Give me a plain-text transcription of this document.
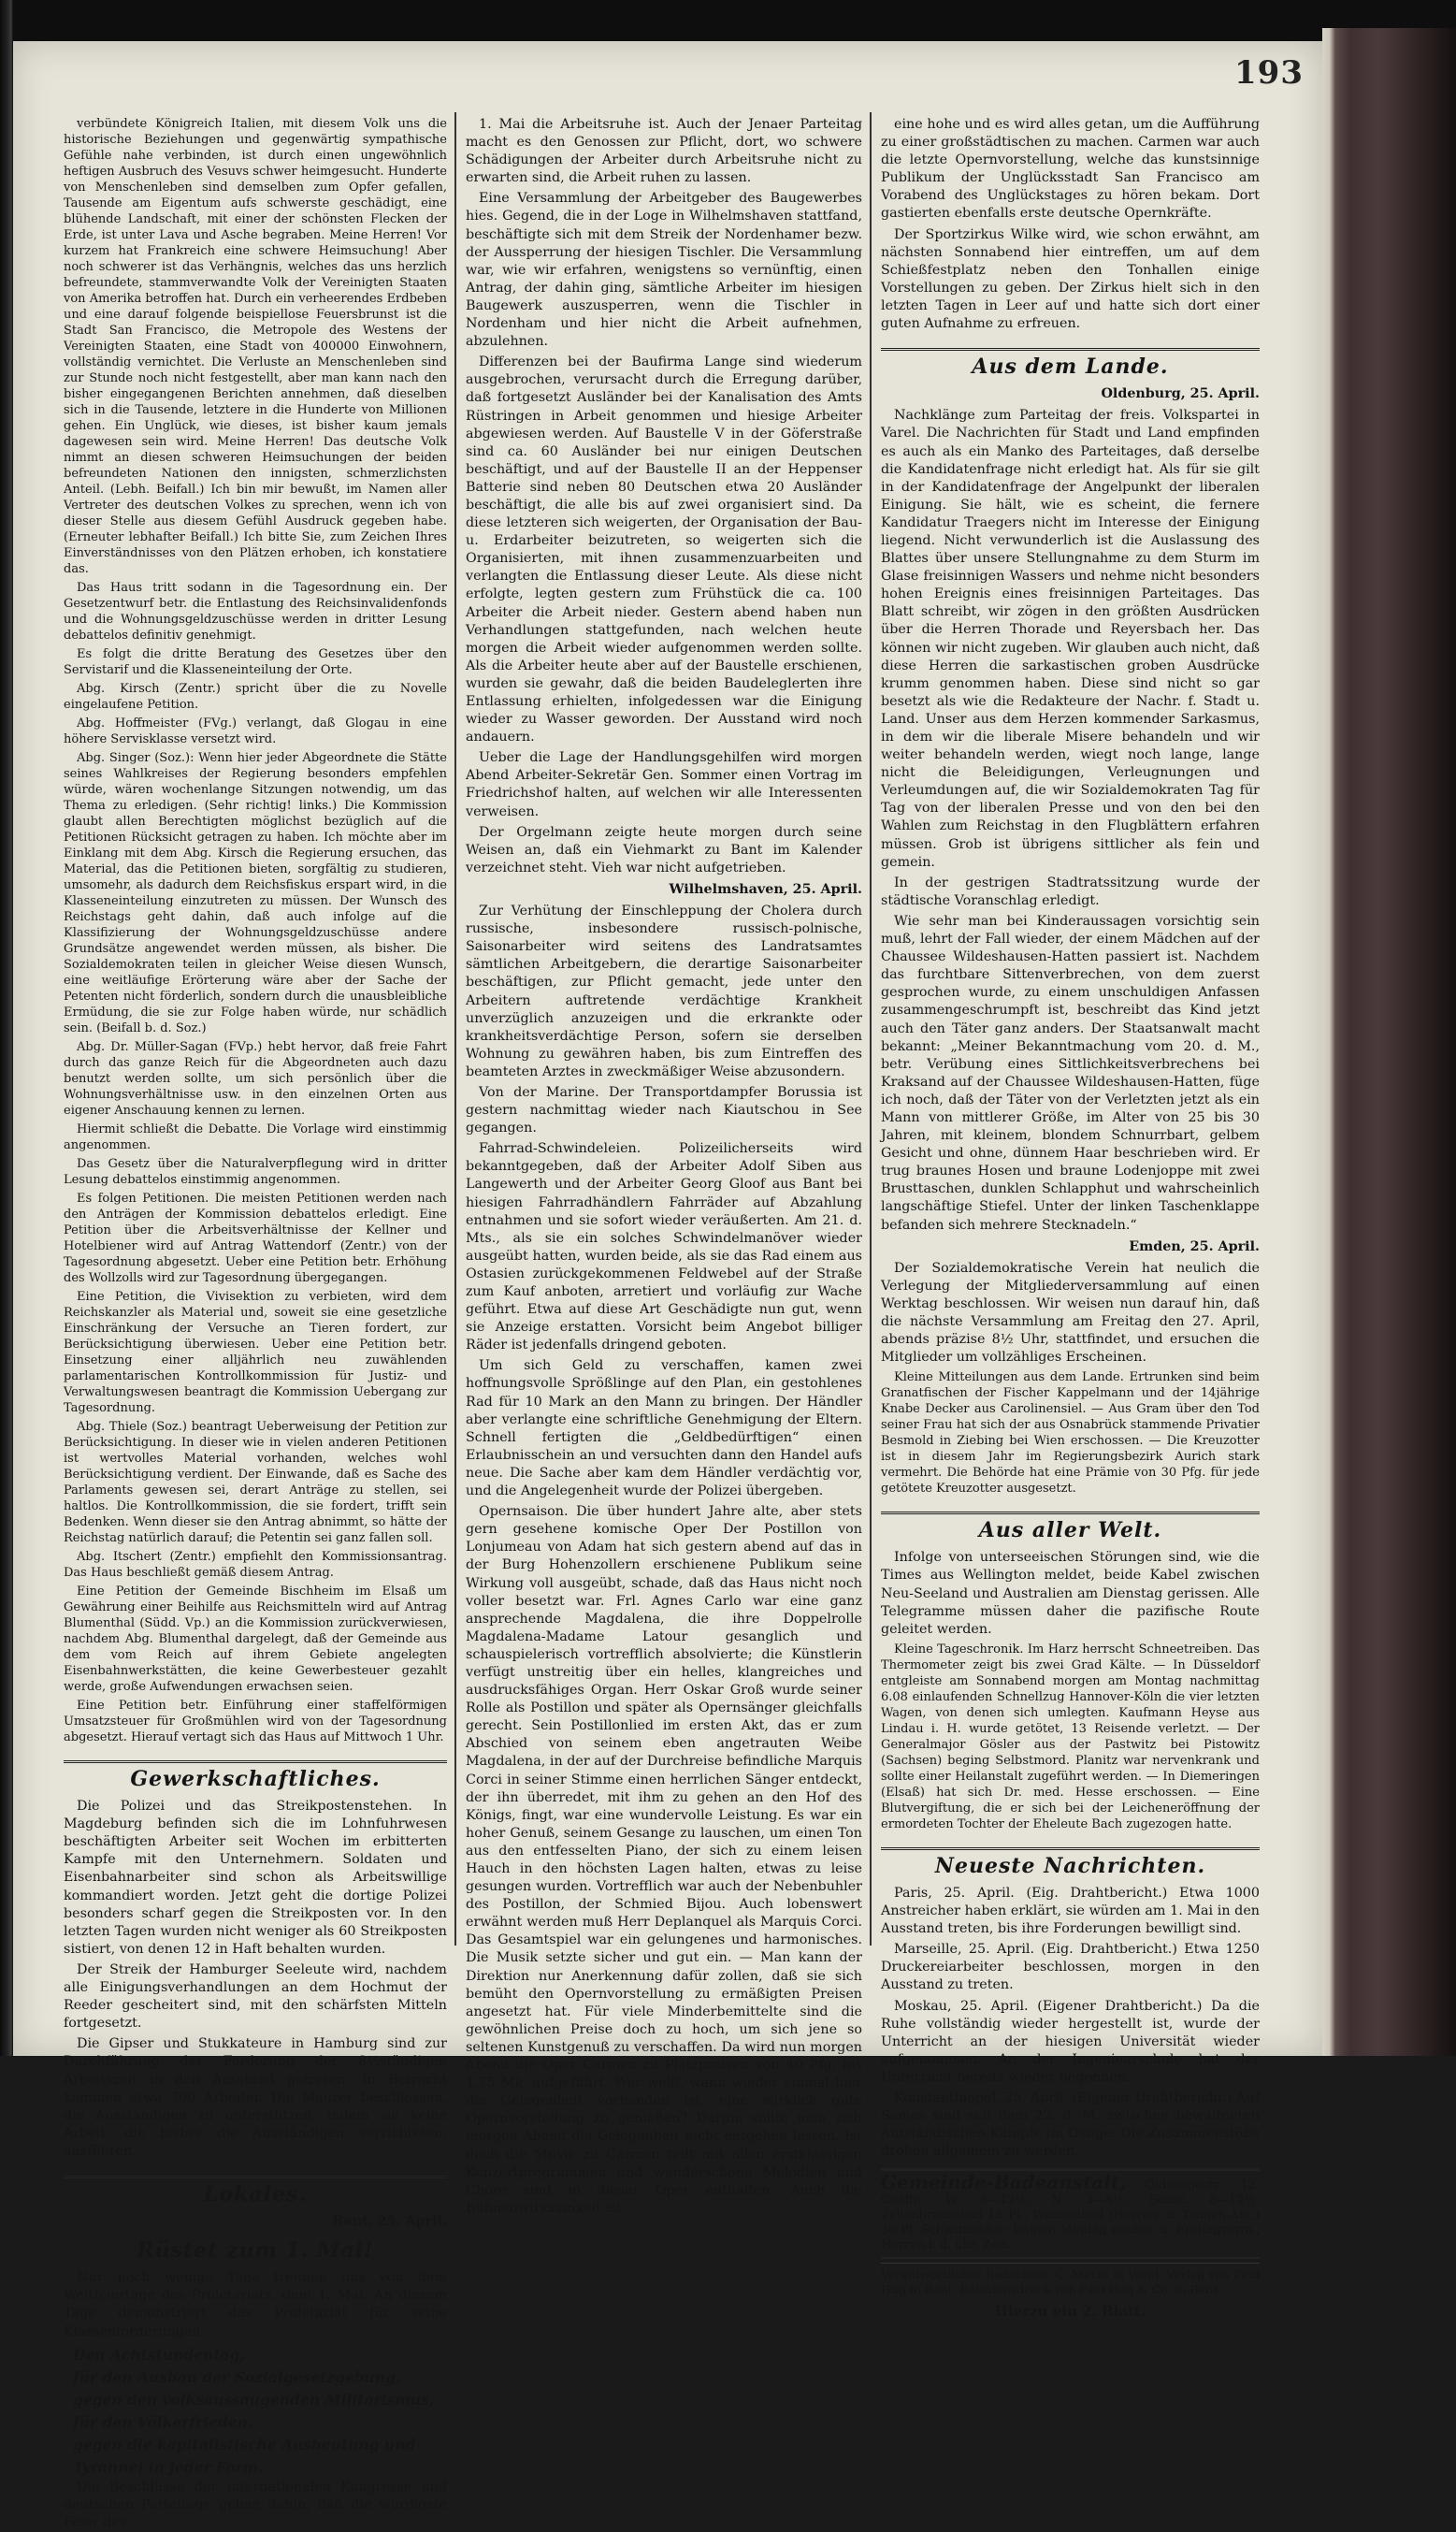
193

verbündete Königreich Italien, mit diesem Volk uns die historische Beziehungen und gegenwärtig sympathische Gefühle nahe verbinden, ist durch einen ungewöhnlich heftigen Ausbruch des Vesuvs schwer heimgesucht. Hunderte von Menschenleben sind demselben zum Opfer gefallen, Tausende am Eigentum aufs schwerste geschädigt, eine blühende Landschaft, mit einer der schönsten Flecken der Erde, ist unter Lava und Asche begraben. Meine Herren! Vor kurzem hat Frankreich eine schwere Heimsuchung! Aber noch schwerer ist das Verhängnis, welches das uns herzlich befreundete, stammverwandte Volk der Vereinigten Staaten von Amerika betroffen hat. Durch ein verheerendes Erdbeben und eine darauf folgende beispiellose Feuersbrunst ist die Stadt San Francisco, die Metropole des Westens der Vereinigten Staaten, eine Stadt von 400000 Einwohnern, vollständig vernichtet. Die Verluste an Menschenleben sind zur Stunde noch nicht festgestellt, aber man kann nach den bisher eingegangenen Berichten annehmen, daß dieselben sich in die Tausende, letztere in die Hunderte von Millionen gehen. Ein Unglück, wie dieses, ist bisher kaum jemals dagewesen sein wird. Meine Herren! Das deutsche Volk nimmt an diesen schweren Heimsuchungen der beiden befreundeten Nationen den innigsten, schmerzlichsten Anteil. (Lebh. Beifall.) Ich bin mir bewußt, im Namen aller Vertreter des deutschen Volkes zu sprechen, wenn ich von dieser Stelle aus diesem Gefühl Ausdruck gegeben habe. (Erneuter lebhafter Beifall.) Ich bitte Sie, zum Zeichen Ihres Einverständnisses von den Plätzen erhoben, ich konstatiere das.

Das Haus tritt sodann in die Tagesordnung ein. Der Gesetzentwurf betr. die Entlastung des Reichsinvalidenfonds und die Wohnungsgeldzuschüsse werden in dritter Lesung debattelos definitiv genehmigt.

Es folgt die dritte Beratung des Gesetzes über den Servistarif und die Klasseneinteilung der Orte.

Abg. Kirsch (Zentr.) spricht über die zu Novelle eingelaufene Petition.

Abg. Hoffmeister (FVg.) verlangt, daß Glogau in eine höhere Servisklasse versetzt wird.

Abg. Singer (Soz.): Wenn hier jeder Abgeordnete die Stätte seines Wahlkreises der Regierung besonders empfehlen würde, wären wochenlange Sitzungen notwendig, um das Thema zu erledigen. (Sehr richtig! links.) Die Kommission glaubt allen Berechtigten möglichst bezüglich auf die Petitionen Rücksicht getragen zu haben. Ich möchte aber im Einklang mit dem Abg. Kirsch die Regierung ersuchen, das Material, das die Petitionen bieten, sorgfältig zu studieren, umsomehr, als dadurch dem Reichsfiskus erspart wird, in die Klasseneinteilung einzutreten zu müssen. Der Wunsch des Reichstags geht dahin, daß auch infolge auf die Klassifizierung der Wohnungsgeldzuschüsse andere Grundsätze angewendet werden müssen, als bisher. Die Sozialdemokraten teilen in gleicher Weise diesen Wunsch, eine weitläufige Erörterung wäre aber der Sache der Petenten nicht förderlich, sondern durch die unausbleibliche Ermüdung, die sie zur Folge haben würde, nur schädlich sein. (Beifall b. d. Soz.)

Abg. Dr. Müller-Sagan (FVp.) hebt hervor, daß freie Fahrt durch das ganze Reich für die Abgeordneten auch dazu benutzt werden sollte, um sich persönlich über die Wohnungsverhältnisse usw. in den einzelnen Orten aus eigener Anschauung kennen zu lernen.

Hiermit schließt die Debatte. Die Vorlage wird einstimmig angenommen.

Das Gesetz über die Naturalverpflegung wird in dritter Lesung debattelos einstimmig angenommen.

Es folgen Petitionen. Die meisten Petitionen werden nach den Anträgen der Kommission debattelos erledigt. Eine Petition über die Arbeitsverhältnisse der Kellner und Hotelbiener wird auf Antrag Wattendorf (Zentr.) von der Tagesordnung abgesetzt. Ueber eine Petition betr. Erhöhung des Wollzolls wird zur Tagesordnung übergegangen.

Eine Petition, die Vivisektion zu verbieten, wird dem Reichskanzler als Material und, soweit sie eine gesetzliche Einschränkung der Versuche an Tieren fordert, zur Berücksichtigung überwiesen. Ueber eine Petition betr. Einsetzung einer alljährlich neu zuwählenden parlamentarischen Kontrollkommission für Justiz- und Verwaltungswesen beantragt die Kommission Uebergang zur Tagesordnung.

Abg. Thiele (Soz.) beantragt Ueberweisung der Petition zur Berücksichtigung. In dieser wie in vielen anderen Petitionen ist wertvolles Material vorhanden, welches wohl Berücksichtigung verdient. Der Einwande, daß es Sache des Parlaments gewesen sei, derart Anträge zu stellen, sei haltlos. Die Kontrollkommission, die sie fordert, trifft sein Bedenken. Wenn dieser sie den Antrag abnimmt, so hätte der Reichstag natürlich darauf; die Petentin sei ganz fallen soll.

Abg. Itschert (Zentr.) empfiehlt den Kommissionsantrag. Das Haus beschließt gemäß diesem Antrag.

Eine Petition der Gemeinde Bischheim im Elsaß um Gewährung einer Beihilfe aus Reichsmitteln wird auf Antrag Blumenthal (Südd. Vp.) an die Kommission zurückverwiesen, nachdem Abg. Blumenthal dargelegt, daß der Gemeinde aus dem vom Reich auf ihrem Gebiete angelegten Eisenbahnwerkstätten, die keine Gewerbesteuer gezahlt werde, große Aufwendungen erwachsen seien.

Eine Petition betr. Einführung einer staffelförmigen Umsatzsteuer für Großmühlen wird von der Tagesordnung abgesetzt. Hierauf vertagt sich das Haus auf Mittwoch 1 Uhr.

Gewerkschaftliches.

Die Polizei und das Streikpostenstehen. In Magdeburg befinden sich die im Lohnfuhrwesen beschäftigten Arbeiter seit Wochen im erbitterten Kampfe mit den Unternehmern. Soldaten und Eisenbahnarbeiter sind schon als Arbeitswillige kommandiert worden. Jetzt geht die dortige Polizei besonders scharf gegen die Streikposten vor. In den letzten Tagen wurden nicht weniger als 60 Streikposten sistiert, von denen 12 in Haft behalten wurden.

Der Streik der Hamburger Seeleute wird, nachdem alle Einigungsverhandlungen an dem Hochmut der Reeder gescheitert sind, mit den schärfsten Mitteln fortgesetzt.

Die Gipser und Stukkateure in Hamburg sind zur Durchführung der Forderung der 8½stündigen Arbeitszeit in den Ausstand getreten. In Betracht kommen etwa 700 Arbeiter. Die Maurer beschlossen, die Ausständigen zu unterstützen, indem sie keine Arbeit, die bisher die Ausständigen verrichteten, ausführen.

Lokales.
Bant, 25. April.
Rüstet zum 1. Mai!

Nur noch wenige Tage trennen uns von dem Weltfeiertage des Proletariats, dem 1. Mai. An diesem Tage demonstriert das Proletariat für seine Klassenforderungen

Den Achtstundentag,
für den Ausbau der Sozialgesetzgebung,
gegen den volksaussaugenden Militarismus,
für den Völkerfrieden,
gegen die kapitalistische Ausbeutung und
Tyrannei in jeder Form.

Die Beschlüsse der internationalen Kongresse und deutschen Parteitage gehen dahin, daß die würdigste Feier des

1. Mai die Arbeitsruhe ist. Auch der Jenaer Parteitag macht es den Genossen zur Pflicht, dort, wo schwere Schädigungen der Arbeiter durch Arbeitsruhe nicht zu erwarten sind, die Arbeit ruhen zu lassen.

Eine Versammlung der Arbeitgeber des Baugewerbes hies. Gegend, die in der Loge in Wilhelmshaven stattfand, beschäftigte sich mit dem Streik der Nordenhamer bezw. der Aussperrung der hiesigen Tischler. Die Versammlung war, wie wir erfahren, wenigstens so vernünftig, einen Antrag, der dahin ging, sämtliche Arbeiter im hiesigen Baugewerk auszusperren, wenn die Tischler in Nordenham und hier nicht die Arbeit aufnehmen, abzulehnen.

Differenzen bei der Baufirma Lange sind wiederum ausgebrochen, verursacht durch die Erregung darüber, daß fortgesetzt Ausländer bei der Kanalisation des Amts Rüstringen in Arbeit genommen und hiesige Arbeiter abgewiesen werden. Auf Baustelle V in der Göferstraße sind ca. 60 Ausländer bei nur einigen Deutschen beschäftigt, und auf der Baustelle II an der Heppenser Batterie sind neben 80 Deutschen etwa 20 Ausländer beschäftigt, die alle bis auf zwei organisiert sind. Da diese letzteren sich weigerten, der Organisation der Bau- u. Erdarbeiter beizutreten, so weigerten sich die Organisierten, mit ihnen zusammenzuarbeiten und verlangten die Entlassung dieser Leute. Als diese nicht erfolgte, legten gestern zum Frühstück die ca. 100 Arbeiter die Arbeit nieder. Gestern abend haben nun Verhandlungen stattgefunden, nach welchen heute morgen die Arbeit wieder aufgenommen werden sollte. Als die Arbeiter heute aber auf der Baustelle erschienen, wurden sie gewahr, daß die beiden Baudeleglerten ihre Entlassung erhielten, infolgedessen war die Einigung wieder zu Wasser geworden. Der Ausstand wird noch andauern.

Ueber die Lage der Handlungsgehilfen wird morgen Abend Arbeiter-Sekretär Gen. Sommer einen Vortrag im Friedrichshof halten, auf welchen wir alle Interessenten verweisen.

Der Orgelmann zeigte heute morgen durch seine Weisen an, daß ein Viehmarkt zu Bant im Kalender verzeichnet steht. Vieh war nicht aufgetrieben.

Wilhelmshaven, 25. April.

Zur Verhütung der Einschleppung der Cholera durch russische, insbesondere russisch-polnische, Saisonarbeiter wird seitens des Landratsamtes sämtlichen Arbeitgebern, die derartige Saisonarbeiter beschäftigen, zur Pflicht gemacht, jede unter den Arbeitern auftretende verdächtige Krankheit unverzüglich anzuzeigen und die erkrankte oder krankheitsverdächtige Person, sofern sie derselben Wohnung zu gewähren haben, bis zum Eintreffen des beamteten Arztes in zweckmäßiger Weise abzusondern.

Von der Marine. Der Transportdampfer Borussia ist gestern nachmittag wieder nach Kiautschou in See gegangen.

Fahrrad-Schwindeleien. Polizeilicherseits wird bekanntgegeben, daß der Arbeiter Adolf Siben aus Langewerth und der Arbeiter Georg Gloof aus Bant bei hiesigen Fahrradhändlern Fahrräder auf Abzahlung entnahmen und sie sofort wieder veräußerten. Am 21. d. Mts., als sie ein solches Schwindelmanöver wieder ausgeübt hatten, wurden beide, als sie das Rad einem aus Ostasien zurückgekommenen Feldwebel auf der Straße zum Kauf anboten, arretiert und vorläufig zur Wache geführt. Etwa auf diese Art Geschädigte nun gut, wenn sie Anzeige erstatten. Vorsicht beim Angebot billiger Räder ist jedenfalls dringend geboten.

Um sich Geld zu verschaffen, kamen zwei hoffnungsvolle Sprößlinge auf den Plan, ein gestohlenes Rad für 10 Mark an den Mann zu bringen. Der Händler aber verlangte eine schriftliche Genehmigung der Eltern. Schnell fertigten die „Geldbedürftigen“ einen Erlaubnisschein an und versuchten dann den Handel aufs neue. Die Sache aber kam dem Händler verdächtig vor, und die Angelegenheit wurde der Polizei übergeben.

Opernsaison. Die über hundert Jahre alte, aber stets gern gesehene komische Oper Der Postillon von Lonjumeau von Adam hat sich gestern abend auf das in der Burg Hohenzollern erschienene Publikum seine Wirkung voll ausgeübt, schade, daß das Haus nicht noch voller besetzt war. Frl. Agnes Carlo war eine ganz ansprechende Magdalena, die ihre Doppelrolle Magdalena-Madame Latour gesanglich und schauspielerisch vortrefflich absolvierte; die Künstlerin verfügt unstreitig über ein helles, klangreiches und ausdrucksfähiges Organ. Herr Oskar Groß wurde seiner Rolle als Postillon und später als Opernsänger gleichfalls gerecht. Sein Postillonlied im ersten Akt, das er zum Abschied von seinem eben angetrauten Weibe Magdalena, in der auf der Durchreise befindliche Marquis Corci in seiner Stimme einen herrlichen Sänger entdeckt, der ihn überredet, mit ihm zu gehen an den Hof des Königs, fingt, war eine wundervolle Leistung. Es war ein hoher Genuß, seinem Gesange zu lauschen, um einen Ton aus den entfesselten Piano, der sich zu einem leisen Hauch in den höchsten Lagen halten, etwas zu leise gesungen wurden. Vortrefflich war auch der Nebenbuhler des Postillon, der Schmied Bijou. Auch lobenswert erwähnt werden muß Herr Deplanquel als Marquis Corci. Das Gesamtspiel war ein gelungenes und harmonisches. Die Musik setzte sicher und gut ein. — Man kann der Direktion nur Anerkennung dafür zollen, daß sie sich bemüht den Opernvorstellung zu ermäßigten Preisen angesetzt hat. Für viele Minderbemittelte sind die gewöhnlichen Preise doch zu hoch, um sich jene so seltenen Kunstgenuß zu verschaffen. Da wird nun morgen Abend die Oper Carmen zu Platzpreisen von 40 Pfg. bis 1,75 Mk. aufgeführt. Wer weiß, wann wieder einmal hier die Gelegenheit vorhanden ist, eine wirklich gute Opernvorstellung zu genießen? Darum sollte man sich morgen Abend die Gelegenheit nicht entgehen lassen. Ist doch die Musik zu Carmen teilt mit allen erstklassigen Konzertprogrammen und wunderschöne Melodien und Chöre sind in dieser Oper enthalten. Auch die Bühnenwirksamkeit ist

eine hohe und es wird alles getan, um die Aufführung zu einer großstädtischen zu machen. Carmen war auch die letzte Opernvorstellung, welche das kunstsinnige Publikum der Unglücksstadt San Francisco am Vorabend des Unglückstages zu hören bekam. Dort gastierten ebenfalls erste deutsche Opernkräfte.

Der Sportzirkus Wilke wird, wie schon erwähnt, am nächsten Sonnabend hier eintreffen, um auf dem Schießfestplatz neben den Tonhallen einige Vorstellungen zu geben. Der Zirkus hielt sich in den letzten Tagen in Leer auf und hatte sich dort einer guten Aufnahme zu erfreuen.

Aus dem Lande.
Oldenburg, 25. April.

Nachklänge zum Parteitag der freis. Volkspartei in Varel. Die Nachrichten für Stadt und Land empfinden es auch als ein Manko des Parteitages, daß derselbe die Kandidatenfrage nicht erledigt hat. Als für sie gilt in der Kandidatenfrage der Angelpunkt der liberalen Einigung. Sie hält, wie es scheint, die fernere Kandidatur Traegers nicht im Interesse der Einigung liegend. Nicht verwunderlich ist die Auslassung des Blattes über unsere Stellungnahme zu dem Sturm im Glase freisinnigen Wassers und nehme nicht besonders hohen Ereignis eines freisinnigen Parteitages. Das Blatt schreibt, wir zögen in den größten Ausdrücken über die Herren Thorade und Reyersbach her. Das können wir nicht zugeben. Wir glauben auch nicht, daß diese Herren die sarkastischen groben Ausdrücke krumm genommen haben. Diese sind nicht so gar besetzt als wie die Redakteure der Nachr. f. Stadt u. Land. Unser aus dem Herzen kommender Sarkasmus, in dem wir die liberale Misere behandeln und wir weiter behandeln werden, wiegt noch lange, lange nicht die Beleidigungen, Verleugnungen und Verleumdungen auf, die wir Sozialdemokraten Tag für Tag von der liberalen Presse und von den bei den Wahlen zum Reichstag in den Flugblättern erfahren müssen. Grob ist übrigens sittlicher als fein und gemein.

In der gestrigen Stadtratssitzung wurde der städtische Voranschlag erledigt.

Wie sehr man bei Kinderaussagen vorsichtig sein muß, lehrt der Fall wieder, der einem Mädchen auf der Chaussee Wildeshausen-Hatten passiert ist. Nachdem das furchtbare Sittenverbrechen, von dem zuerst gesprochen wurde, zu einem unschuldigen Anfassen zusammengeschrumpft ist, beschreibt das Kind jetzt auch den Täter ganz anders. Der Staatsanwalt macht bekannt: „Meiner Bekanntmachung vom 20. d. M., betr. Verübung eines Sittlichkeitsverbrechens bei Kraksand auf der Chaussee Wildeshausen-Hatten, füge ich noch, daß der Täter von der Verletzten jetzt als ein Mann von mittlerer Größe, im Alter von 25 bis 30 Jahren, mit kleinem, blondem Schnurrbart, gelbem Gesicht und ohne, dünnem Haar beschrieben wird. Er trug braunes Hosen und braune Lodenjoppe mit zwei Brusttaschen, dunklen Schlapphut und wahrscheinlich langschäftige Stiefel. Unter der linken Taschenklappe befanden sich mehrere Stecknadeln.“

Emden, 25. April.

Der Sozialdemokratische Verein hat neulich die Verlegung der Mitgliederversammlung auf einen Werktag beschlossen. Wir weisen nun darauf hin, daß die nächste Versammlung am Freitag den 27. April, abends präzise 8½ Uhr, stattfindet, und ersuchen die Mitglieder um vollzähliges Erscheinen.

Kleine Mitteilungen aus dem Lande. Ertrunken sind beim Granatfischen der Fischer Kappelmann und der 14jährige Knabe Decker aus Carolinensiel. — Aus Gram über den Tod seiner Frau hat sich der aus Osnabrück stammende Privatier Besmold in Ziebing bei Wien erschossen. — Die Kreuzotter ist in diesem Jahr im Regierungsbezirk Aurich stark vermehrt. Die Behörde hat eine Prämie von 30 Pfg. für jede getötete Kreuzotter ausgesetzt.

Aus aller Welt.

Infolge von unterseeischen Störungen sind, wie die Times aus Wellington meldet, beide Kabel zwischen Neu-Seeland und Australien am Dienstag gerissen. Alle Telegramme müssen daher die pazifische Route geleitet werden.

Kleine Tageschronik. Im Harz herrscht Schneetreiben. Das Thermometer zeigt bis zwei Grad Kälte. — In Düsseldorf entgleiste am Sonnabend morgen am Montag nachmittag 6.08 einlaufenden Schnellzug Hannover-Köln die vier letzten Wagen, von denen sich umlegten. Kaufmann Heyse aus Lindau i. H. wurde getötet, 13 Reisende verletzt. — Der Generalmajor Gösler aus der Pastwitz bei Pistowitz (Sachsen) beging Selbstmord. Planitz war nervenkrank und sollte einer Heilanstalt zugeführt werden. — In Diemeringen (Elsaß) hat sich Dr. med. Hesse erschossen. — Eine Blutvergiftung, die er sich bei der Leicheneröffnung der ermordeten Tochter der Eheleute Bach zugezogen hatte.

Neueste Nachrichten.

Paris, 25. April. (Eig. Drahtbericht.) Etwa 1000 Anstreicher haben erklärt, sie würden am 1. Mai in den Ausstand treten, bis ihre Forderungen bewilligt sind.

Marseille, 25. April. (Eig. Drahtbericht.) Etwa 1250 Druckereiarbeiter beschlossen, morgen in den Ausstand zu treten.

Moskau, 25. April. (Eigener Drahtbericht.) Da die Ruhe vollständig wieder hergestellt ist, wurde der Unterricht an der hiesigen Universität wieder aufgenommen. An der Ingenieurschule hat der Unterricht bereits wieder begonnen.

Konstantinopel, 25. April. (Eigener Drahtbericht.) Auf Samos sind seit dem 22. d. M. zwischen bewaffneten Aufständischen Kämpfe im Gange. Die Zusammenstöße drohen allgemein zu werden.

Gemeinde-Badeanstalt, Oldeoogestr. 12. Geöffn. W. 8—12½, N. 3—8½, Sonnt. 8—12½. Zellenbrausebad 15 Pf., Wannenbad (Herren- u. Damen-Abt.) 30 Pf. Schwitzbäder: Damen Montag nachm. u. Freitagvorm., Herren i. d. übr. Zeit.
Verantwortlicher Redakteur: C. Metze in Varel. Verlag von Paul Hug in Bant. Rotationsdruck von Paul Hug & Co. in Bant.
Hierzu ein 2. Blatt.
